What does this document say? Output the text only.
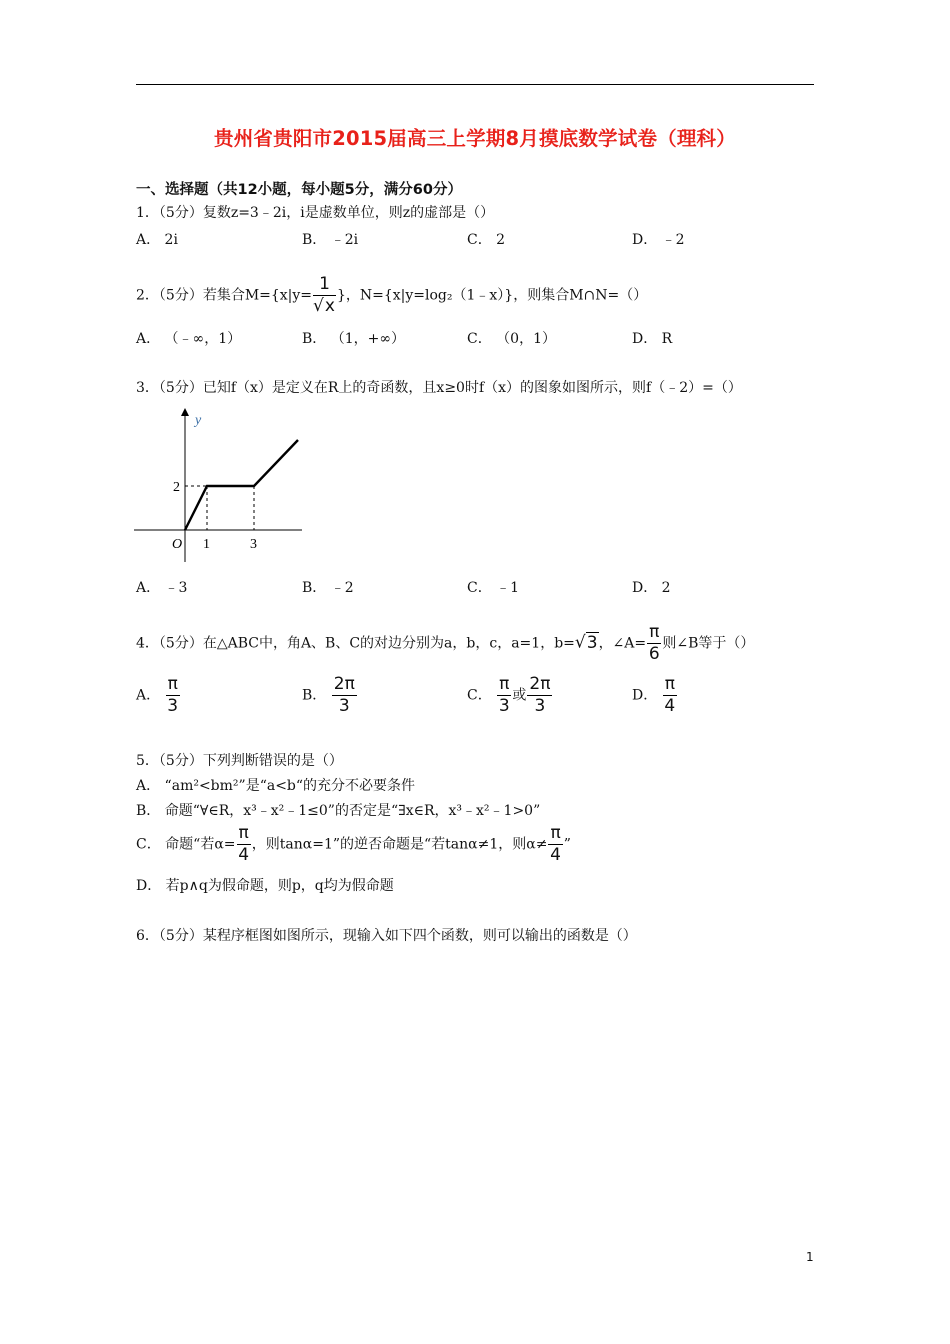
贵州省贵阳市2015届高三上学期8月摸底数学试卷（理科）
一、选择题（共12小题，每小题5分，满分60分）
1．（5分）复数z=3﹣2i，i是虚数单位，则z的虚部是（）
A． 2i	B． ﹣2i	C． 2	D． ﹣2
2．（5分）若集合$M=\{x|y= \frac{1}{√x}$ }，N={x|y=log₂（1﹣x）}，则集合M∩N=（）
A． （﹣∞，1）	B． （1，+∞）	C． （0，1）	D． R
3．（5分）已知f（x）是定义在R上的奇函数，且x≥0时f（x）的图象如图所示，则f（﹣2）=（）
y
O
2
1	3
A． ﹣3	B． ﹣2	C． ﹣1	D． 2
4．（5分）在△ABC中，角A、B、C的对边分别为a，b，c，a=1，b=√3，∠A= $\frac{\pi}{6}$ 则∠B等于（）
A． $\frac{\pi}{3}$	B． $\frac{2\pi}{3}$	C． $\frac{\pi}{3}$ 或 $\frac{2\pi}{3}$	D． $\frac{\pi}{4}$
5．（5分）下列判断错误的是（）
A． “am²<bm²”是“a<b“的充分不必要条件
B． 命题“∀∈R，x³﹣x²﹣1≤0”的否定是“∃x∈R，x³﹣x²﹣1>0”
C． 命题“若$\alpha= \frac{\pi}{4}$ ，则tanα=1”的逆否命题是“若tanα≠1，则$\alpha\ne \frac{\pi}{4}$ ”
D． 若p∧q为假命题，则p，q均为假命题
6．（5分）某程序框图如图所示，现输入如下四个函数，则可以输出的函数是（）
1
